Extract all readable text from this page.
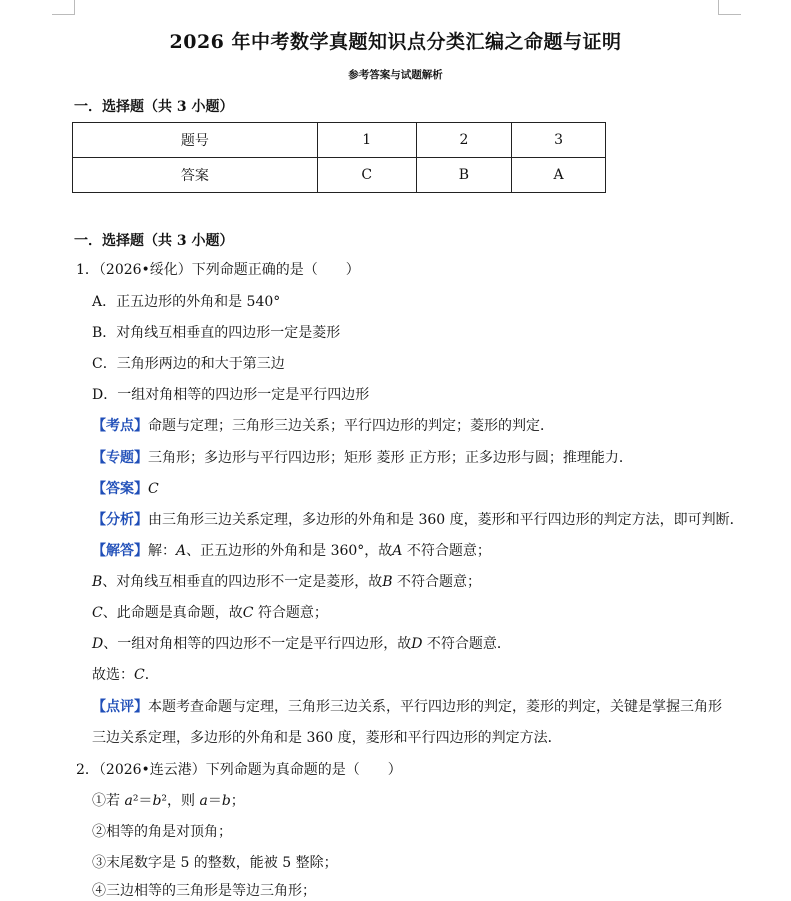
2026 年中考数学真题知识点分类汇编之命题与证明
参考答案与试题解析
一．选择题（共 3 小题）
题号	1	2	3
答案	C	B	A
一．选择题（共 3 小题）
1．（2026•绥化）下列命题正确的是（　　）
A．正五边形的外角和是 540°
B．对角线互相垂直的四边形一定是菱形
C．三角形两边的和大于第三边
D．一组对角相等的四边形一定是平行四边形
【考点】命题与定理；三角形三边关系；平行四边形的判定；菱形的判定．
【专题】三角形；多边形与平行四边形；矩形 菱形 正方形；正多边形与圆；推理能力．
【答案】C
【分析】由三角形三边关系定理，多边形的外角和是 360 度，菱形和平行四边形的判定方法，即可判断．
【解答】解：A、正五边形的外角和是 360°，故A 不符合题意；
B、对角线互相垂直的四边形不一定是菱形，故B 不符合题意；
C、此命题是真命题，故C 符合题意；
D、一组对角相等的四边形不一定是平行四边形，故D 不符合题意．
故选：C．
【点评】本题考查命题与定理，三角形三边关系，平行四边形的判定，菱形的判定，关键是掌握三角形
三边关系定理，多边形的外角和是 360 度，菱形和平行四边形的判定方法．
2．（2026•连云港）下列命题为真命题的是（　　）
①若 a²＝b²，则 a＝b；
②相等的角是对顶角；
③末尾数字是 5 的整数，能被 5 整除；
④三边相等的三角形是等边三角形；
